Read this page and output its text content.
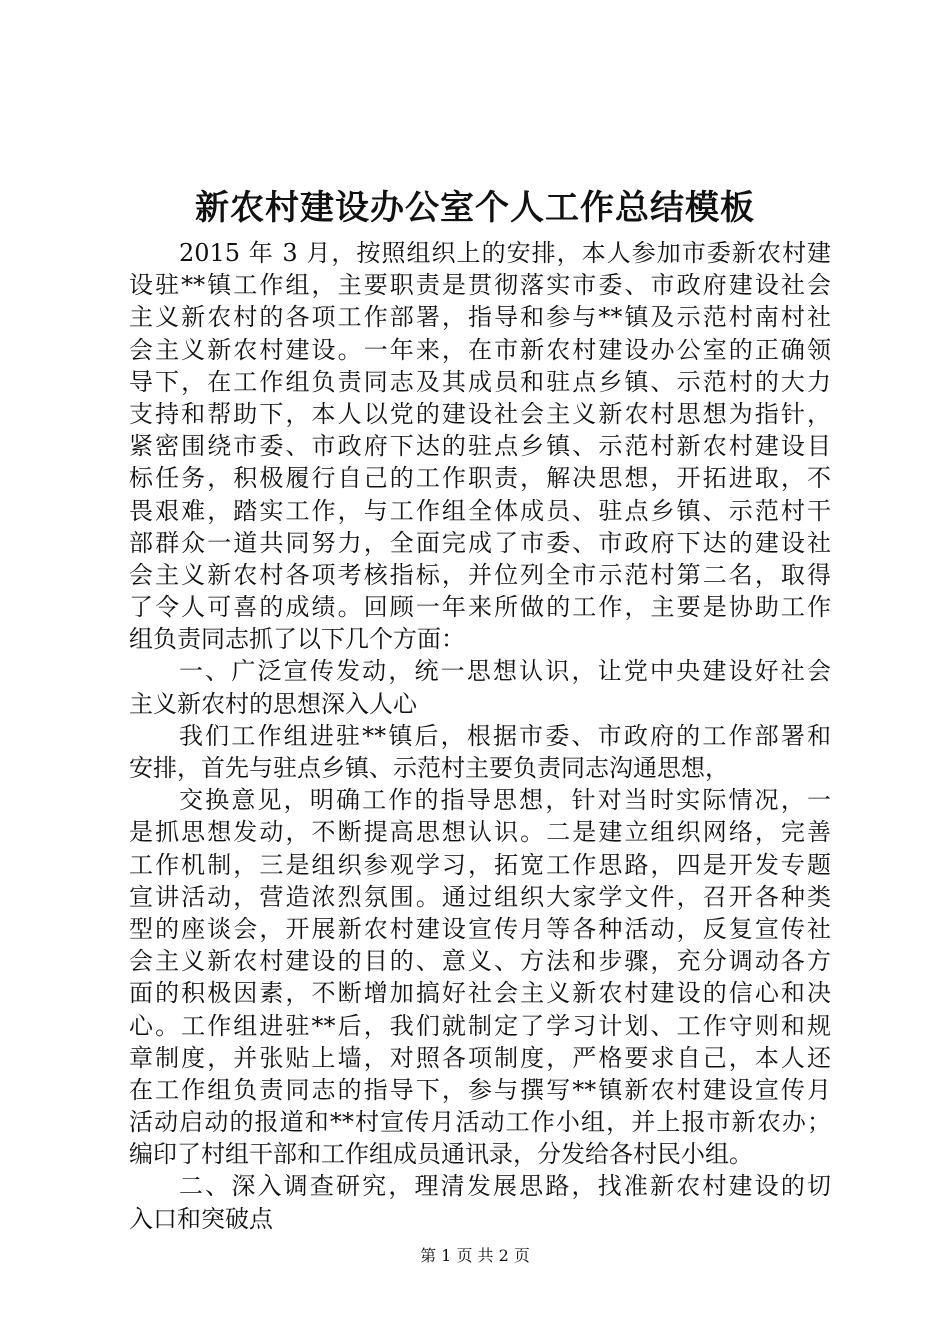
新农村建设办公室个人工作总结模板
2015 年 3 月，按照组织上的安排，本人参加市委新农村建
设驻**镇工作组，主要职责是贯彻落实市委、市政府建设社会
主义新农村的各项工作部署，指导和参与**镇及示范村南村社
会主义新农村建设。一年来，在市新农村建设办公室的正确领
导下，在工作组负责同志及其成员和驻点乡镇、示范村的大力
支持和帮助下，本人以党的建设社会主义新农村思想为指针，
紧密围绕市委、市政府下达的驻点乡镇、示范村新农村建设目
标任务，积极履行自己的工作职责，解决思想，开拓进取，不
畏艰难，踏实工作，与工作组全体成员、驻点乡镇、示范村干
部群众一道共同努力，全面完成了市委、市政府下达的建设社
会主义新农村各项考核指标，并位列全市示范村第二名，取得
了令人可喜的成绩。回顾一年来所做的工作，主要是协助工作
组负责同志抓了以下几个方面：
一、广泛宣传发动，统一思想认识，让党中央建设好社会
主义新农村的思想深入人心
我们工作组进驻**镇后，根据市委、市政府的工作部署和
安排，首先与驻点乡镇、示范村主要负责同志沟通思想，
交换意见，明确工作的指导思想，针对当时实际情况，一
是抓思想发动，不断提高思想认识。二是建立组织网络，完善
工作机制，三是组织参观学习，拓宽工作思路，四是开发专题
宣讲活动，营造浓烈氛围。通过组织大家学文件，召开各种类
型的座谈会，开展新农村建设宣传月等各种活动，反复宣传社
会主义新农村建设的目的、意义、方法和步骤，充分调动各方
面的积极因素，不断增加搞好社会主义新农村建设的信心和决
心。工作组进驻**后，我们就制定了学习计划、工作守则和规
章制度，并张贴上墙，对照各项制度，严格要求自己，本人还
在工作组负责同志的指导下，参与撰写**镇新农村建设宣传月
活动启动的报道和**村宣传月活动工作小组，并上报市新农办；
编印了村组干部和工作组成员通讯录，分发给各村民小组。
二、深入调查研究，理清发展思路，找准新农村建设的切
入口和突破点
第 1 页 共 2 页
